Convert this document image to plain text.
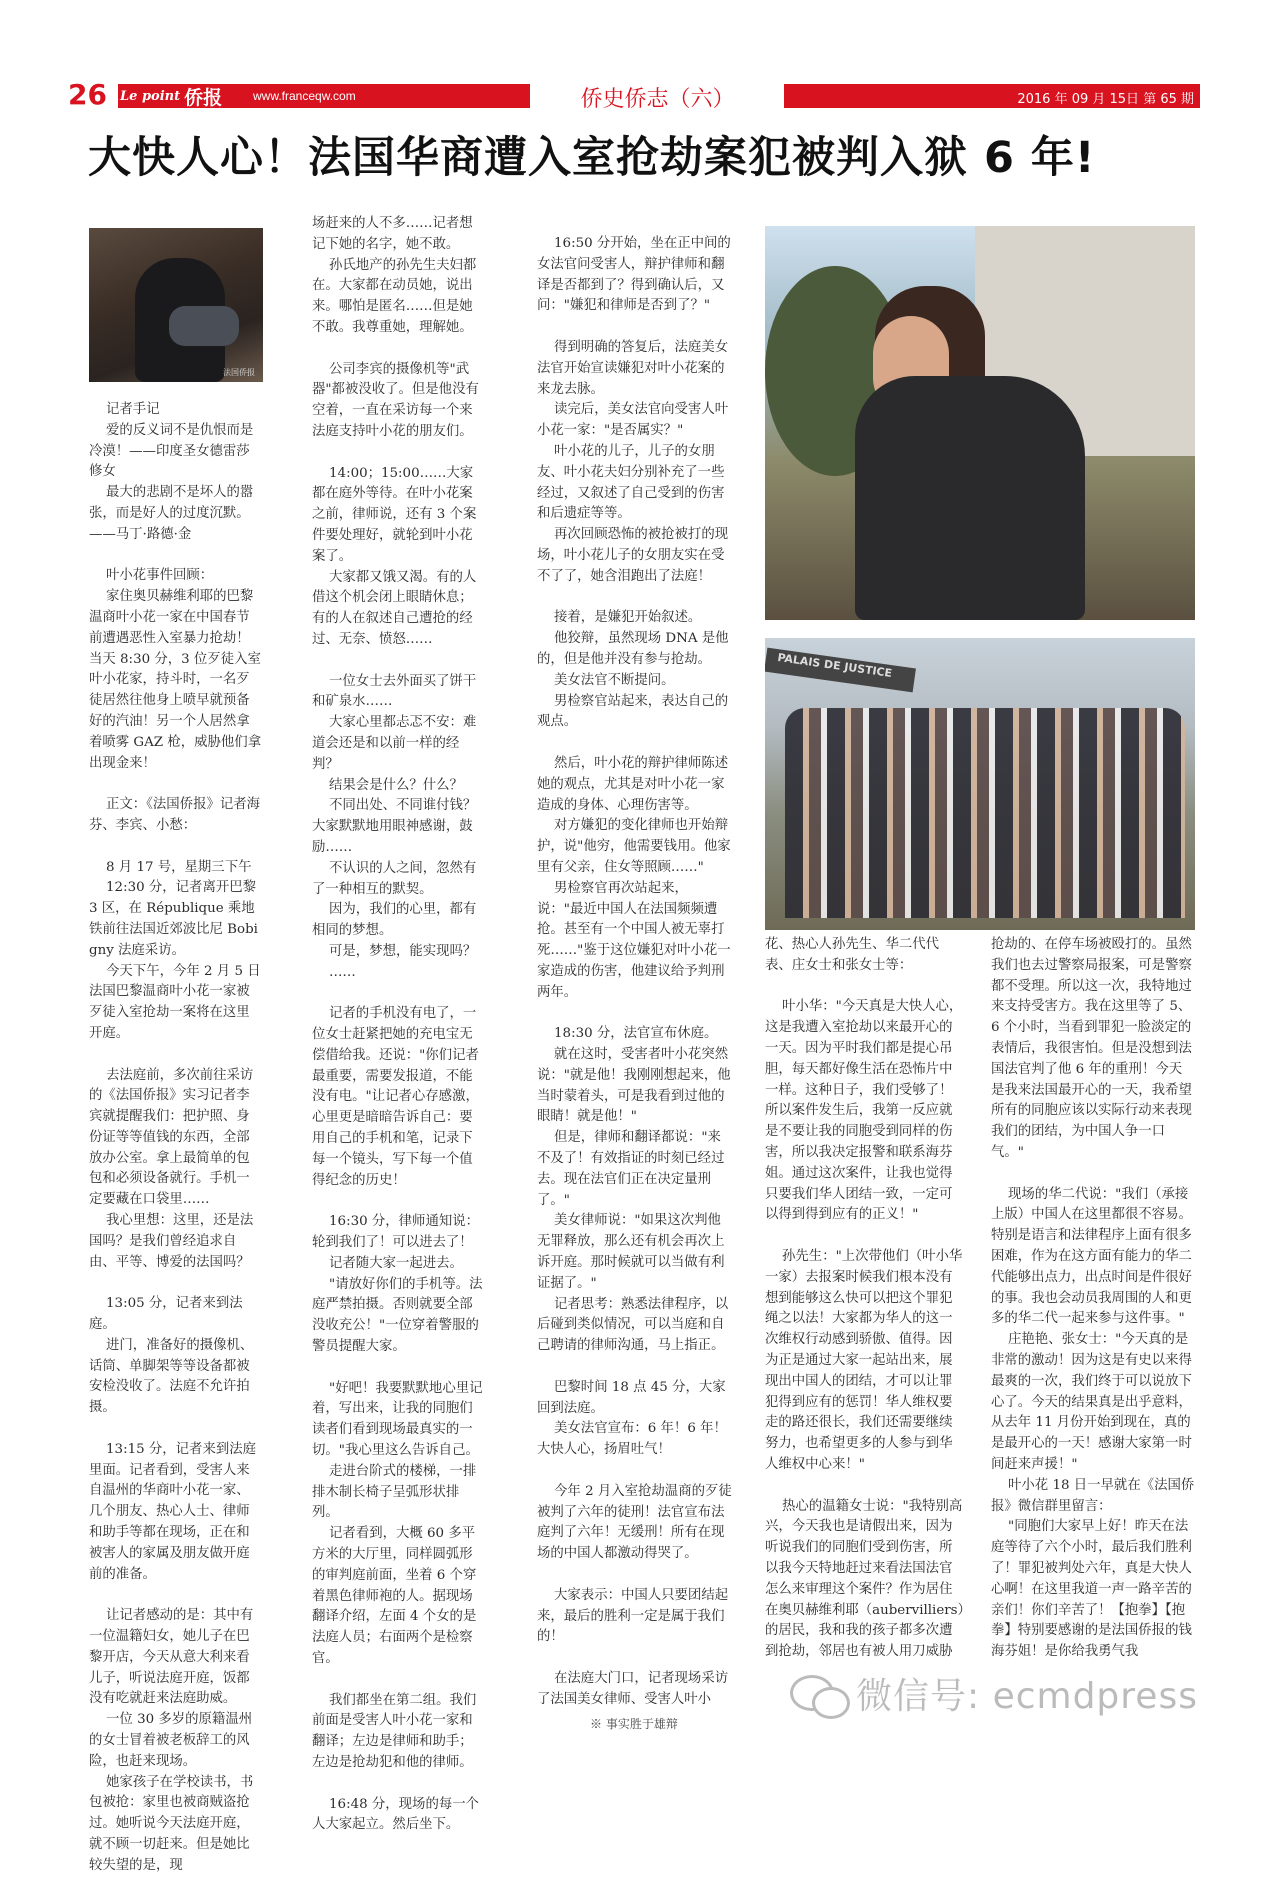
26 Le point 侨报	www.franceqw.com	侨史侨志（六）	2016 年 09 月 15日 第 65 期
大快人心！法国华商遭入室抢劫案犯被判入狱 6 年!
法国侨报
记者手记
爱的反义词不是仇恨而是冷漠！——印度圣女德雷莎修女
最大的悲剧不是坏人的嚣张，而是好人的过度沉默。——马丁·路德·金

叶小花事件回顾：
家住奥贝赫维利耶的巴黎温商叶小花一家在中国春节前遭遇恶性入室暴力抢劫！当天 8:30 分，3 位歹徒入室叶小花家，持斗时，一名歹徒居然往他身上喷早就预备好的汽油！另一个人居然拿着喷雾 GAZ 枪，威胁他们拿出现金来！

正文：《法国侨报》记者海芬、李宾、小愁：

8 月 17 号，星期三下午
12:30 分，记者离开巴黎 3 区，在 République 乘地铁前往法国近郊波比尼 Bobigny 法庭采访。
今天下午，今年 2 月 5 日法国巴黎温商叶小花一家被歹徒入室抢劫一案将在这里开庭。

去法庭前，多次前往采访的《法国侨报》实习记者李宾就提醒我们：把护照、身份证等等值钱的东西，全部放办公室。拿上最简单的包包和必须设备就行。手机一定要藏在口袋里……
我心里想：这里，还是法国吗？是我们曾经追求自由、平等、博爱的法国吗？

13:05 分，记者来到法庭。
进门，准备好的摄像机、话筒、单脚架等等设备都被安检没收了。法庭不允许拍摄。

13:15 分，记者来到法庭里面。记者看到，受害人来自温州的华商叶小花一家、几个朋友、热心人士、律师和助手等都在现场，正在和被害人的家属及朋友做开庭前的准备。

让记者感动的是：其中有一位温籍妇女，她儿子在巴黎开店，今天从意大利来看儿子，听说法庭开庭，饭都没有吃就赶来法庭助威。
一位 30 多岁的原籍温州的女士冒着被老板辞工的风险，也赶来现场。
她家孩子在学校读书，书包被抢：家里也被商贼盗抢过。她听说今天法庭开庭，就不顾一切赶来。但是她比较失望的是，现
场赶来的人不多……记者想记下她的名字，她不敢。
孙氏地产的孙先生夫妇都在。大家都在动员她，说出来。哪怕是匿名……但是她不敢。我尊重她，理解她。

公司李宾的摄像机等"武器"都被没收了。但是他没有空着，一直在采访每一个来法庭支持叶小花的朋友们。

14:00；15:00……大家都在庭外等待。在叶小花案之前，律师说，还有 3 个案件要处理好，就轮到叶小花案了。
大家都又饿又渴。有的人借这个机会闭上眼睛休息；有的人在叙述自己遭抢的经过、无奈、愤怒……

一位女士去外面买了饼干和矿泉水……
大家心里都忐忑不安：难道会还是和以前一样的经判？
结果会是什么？什么？
不同出处、不同谁付钱？大家默默地用眼神感谢，鼓励……
不认识的人之间，忽然有了一种相互的默契。
因为，我们的心里，都有相同的梦想。
可是，梦想，能实现吗？
……

记者的手机没有电了，一位女士赶紧把她的充电宝无偿借给我。还说："你们记者最重要，需要发报道，不能没有电。"让记者心存感激，心里更是暗暗告诉自己：要用自己的手机和笔，记录下每一个镜头，写下每一个值得纪念的历史！

16:30 分，律师通知说：轮到我们了！可以进去了！
记者随大家一起进去。
"请放好你们的手机等。法庭严禁拍摄。否则就要全部没收充公！"一位穿着警服的警员提醒大家。

"好吧！我要默默地心里记着，写出来，让我的同胞们读者们看到现场最真实的一切。"我心里这么告诉自己。
走进台阶式的楼梯，一排排木制长椅子呈弧形状排列。
记者看到，大概 60 多平方米的大厅里，同样圆弧形的审判庭前面，坐着 6 个穿着黑色律师袍的人。据现场翻译介绍，左面 4 个女的是法庭人员；右面两个是检察官。

我们都坐在第二组。我们前面是受害人叶小花一家和翻译；左边是律师和助手；左边是抢劫犯和他的律师。

16:48 分，现场的每一个人大家起立。然后坐下。
16:50 分开始，坐在正中间的女法官问受害人，辩护律师和翻译是否都到了？得到确认后，又问："嫌犯和律师是否到了？"

得到明确的答复后，法庭美女法官开始宣读嫌犯对叶小花案的来龙去脉。
读完后，美女法官向受害人叶小花一家："是否属实？"
叶小花的儿子，儿子的女朋友、叶小花夫妇分别补充了一些经过，又叙述了自己受到的伤害和后遗症等等。
再次回顾恐怖的被抢被打的现场，叶小花儿子的女朋友实在受不了了，她含泪跑出了法庭！

接着，是嫌犯开始叙述。
他狡辩，虽然现场 DNA 是他的，但是他并没有参与抢劫。
美女法官不断提问。
男检察官站起来，表达自己的观点。

然后，叶小花的辩护律师陈述她的观点，尤其是对叶小花一家造成的身体、心理伤害等。
对方嫌犯的变化律师也开始辩护，说"他穷，他需要钱用。他家里有父亲，住女等照顾……"
男检察官再次站起来，说："最近中国人在法国频频遭抢。甚至有一个中国人被无辜打死……"鉴于这位嫌犯对叶小花一家造成的伤害，他建议给予判刑两年。

18:30 分，法官宣布休庭。
就在这时，受害者叶小花突然说："就是他！我刚刚想起来，他当时蒙着头，可是我看到过他的眼睛！就是他！"
但是，律师和翻译都说："来不及了！有效指证的时刻已经过去。现在法官们正在决定量刑了。"
美女律师说："如果这次判他无罪释放，那么还有机会再次上诉开庭。那时候就可以当做有利证据了。"
记者思考：熟悉法律程序，以后碰到类似情况，可以当庭和自己聘请的律师沟通，马上指正。

巴黎时间 18 点 45 分，大家回到法庭。
美女法官宣布：6 年！6 年！大快人心，扬眉吐气！

今年 2 月入室抢劫温商的歹徒被判了六年的徒刑！法官宣布法庭判了六年！无缓刑！所有在现场的中国人都激动得哭了。

大家表示：中国人只要团结起来，最后的胜利一定是属于我们的！

在法庭大门口，记者现场采访了法国美女律师、受害人叶小
PALAIS DE JUSTICE
花、热心人孙先生、华二代代表、庄女士和张女士等：

叶小华："今天真是大快人心，这是我遭入室抢劫以来最开心的一天。因为平时我们都是提心吊胆，每天都好像生活在恐怖片中一样。这种日子，我们受够了！所以案件发生后，我第一反应就是不要让我的同胞受到同样的伤害，所以我决定报警和联系海芬姐。通过这次案件，让我也觉得只要我们华人团结一致，一定可以得到得到应有的正义！"

孙先生："上次带他们（叶小华一家）去报案时候我们根本没有想到能够这么快可以把这个罪犯绳之以法！大家都为华人的这一次维权行动感到骄傲、值得。因为正是通过大家一起站出来，展现出中国人的团结，才可以让罪犯得到应有的惩罚！华人维权要走的路还很长，我们还需要继续努力，也希望更多的人参与到华人维权中心来！"

热心的温籍女士说："我特别高兴，今天我也是请假出来，因为听说我们的同胞们受到伤害，所以我今天特地赶过来看法国法官怎么来审理这个案件？作为居住在奥贝赫维利耶（aubervilliers）的居民，我和我的孩子都多次遭到抢劫，邻居也有被人用刀威胁
抢劫的、在停车场被殴打的。虽然我们也去过警察局报案，可是警察都不受理。所以这一次，我特地过来支持受害方。我在这里等了 5、6 个小时，当看到罪犯一脸淡定的表情后，我很害怕。但是没想到法国法官判了他 6 年的重刑！今天是我来法国最开心的一天，我希望所有的同胞应该以实际行动来表现我们的团结，为中国人争一口气。"

现场的华二代说："我们（承接上版）中国人在这里都很不容易。特别是语言和法律程序上面有很多困难，作为在这方面有能力的华二代能够出点力，出点时间是件很好的事。我也会动员我周围的人和更多的华二代一起来参与这件事。"
庄艳艳、张女士："今天真的是非常的激动！因为这是有史以来得最爽的一次，我们终于可以说放下心了。今天的结果真是出乎意料，从去年 11 月份开始到现在，真的是最开心的一天！感谢大家第一时间赶来声援！"
叶小花 18 日一早就在《法国侨报》微信群里留言：
"同胞们大家早上好！昨天在法庭等待了六个小时，最后我们胜利了！罪犯被判处六年，真是大快人心啊！在这里我道一声一路辛苦的亲们！你们辛苦了！【抱拳】【抱拳】特别要感谢的是法国侨报的钱海芬姐！是你给我勇气我
※ 事实胜于雄辩
微信号: ecmdpress
